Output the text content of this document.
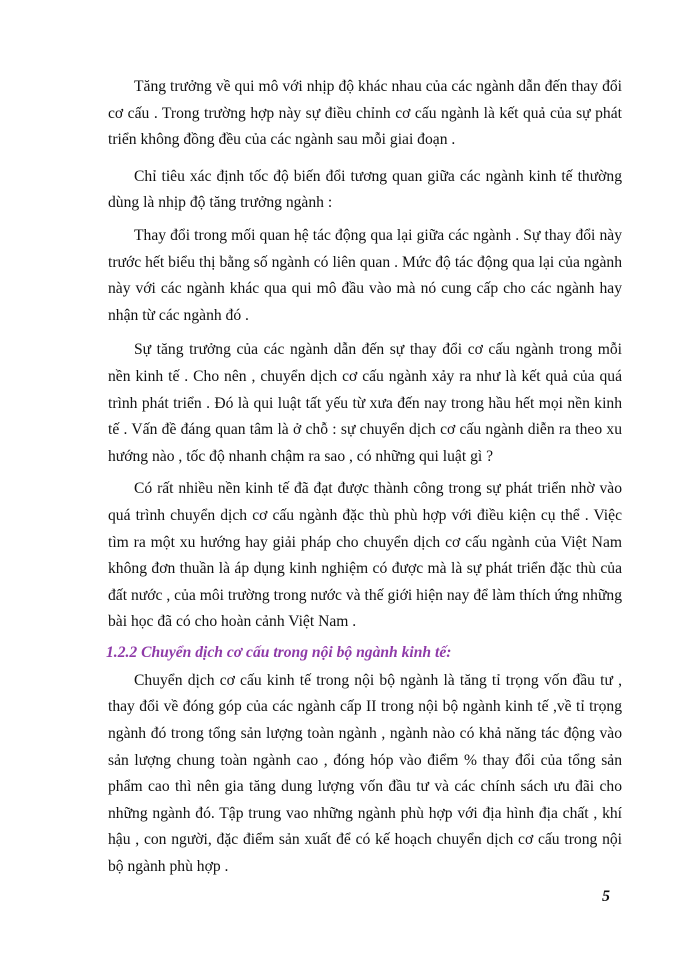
Tăng trưởng về qui mô với nhịp độ khác nhau của các ngành dẫn đến thay đổi cơ cấu . Trong trường hợp này sự điều chỉnh cơ cấu ngành là kết quả của sự phát triển không đồng đều của các ngành sau mỗi giai đoạn .

Chỉ tiêu xác định tốc độ biến đổi tương quan giữa các ngành kinh tế thường dùng là nhịp độ tăng trưởng ngành :

Thay đổi trong mối quan hệ tác động qua lại giữa các ngành . Sự thay đổi này trước hết biểu thị bằng số ngành có liên quan . Mức độ tác động qua lại của ngành này với các ngành khác qua qui mô đầu vào mà nó cung cấp cho các ngành hay nhận từ các ngành đó .

Sự tăng trưởng của các ngành dẫn đến sự thay đổi cơ cấu ngành trong mỗi nền kinh tế . Cho nên , chuyển dịch cơ cấu ngành xảy ra như là kết quả của quá trình phát triển . Đó là qui luật tất yếu từ xưa đến nay trong hầu hết mọi nền kinh tế . Vấn đề đáng quan tâm là ở chỗ : sự chuyển dịch cơ cấu ngành diễn ra theo xu hướng nào , tốc độ nhanh chậm ra sao , có những qui luật gì ?

Có rất nhiều nền kinh tế đã đạt được thành công trong sự phát triển nhờ vào quá trình chuyển dịch cơ cấu ngành đặc thù phù hợp với điều kiện cụ thể . Việc tìm ra một xu hướng hay giải pháp cho chuyển dịch cơ cấu ngành của Việt Nam không đơn thuần là áp dụng kinh nghiệm có được mà là sự phát triển đặc thù của đất nước , của môi trường trong nước và thế giới hiện nay để làm thích ứng những bài học đã có cho hoàn cảnh Việt Nam .

1.2.2 Chuyển dịch cơ cấu trong nội bộ ngành kinh tế:

Chuyển dịch cơ cấu kinh tế trong nội bộ ngành là tăng tỉ trọng vốn đầu tư , thay đổi về đóng góp của các ngành cấp II trong nội bộ ngành kinh tế ,về tỉ trọng ngành đó trong tổng sản lượng toàn ngành , ngành nào có khả năng tác động vào sản lượng chung toàn ngành cao , đóng hóp vào điểm % thay đổi của tổng sản phẩm cao thì nên gia tăng dung lượng vốn đầu tư và các chính sách ưu đãi cho những ngành đó. Tập trung vao những ngành phù hợp với địa hình địa chất , khí hậu , con người, đặc điểm sản xuất để có kế hoạch chuyển dịch cơ cấu trong nội bộ ngành phù hợp .

5
